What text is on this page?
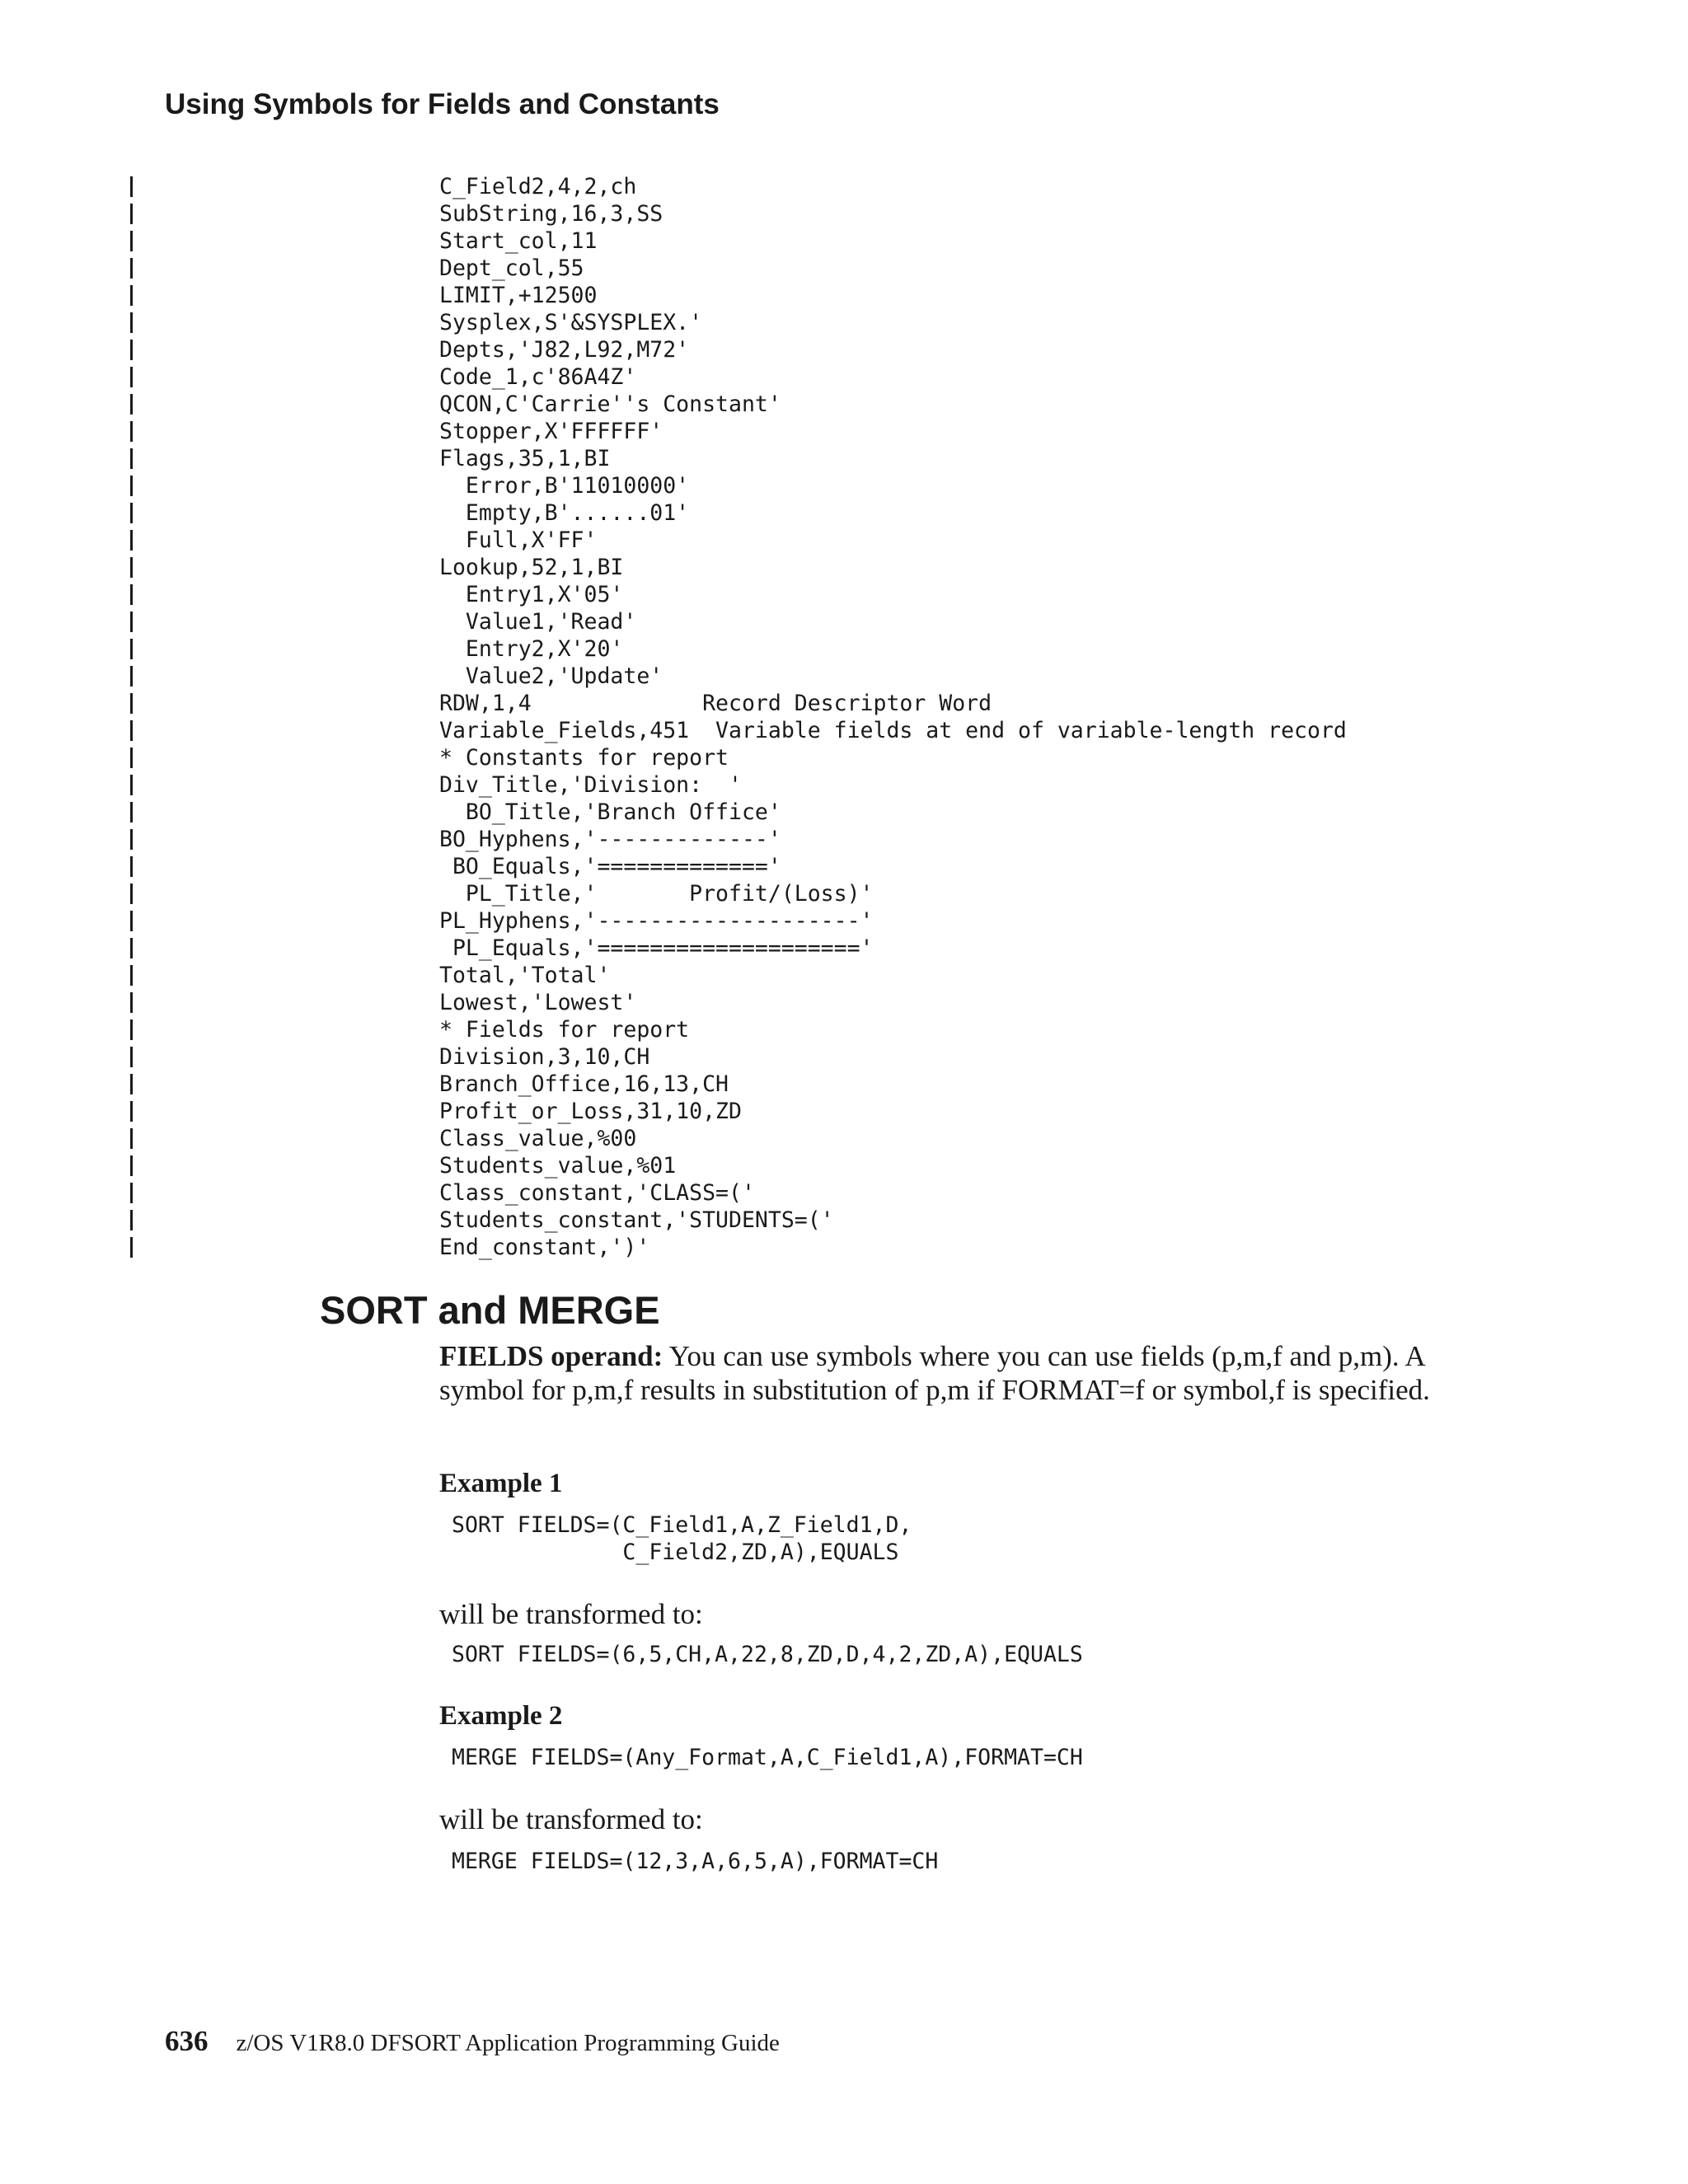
Using Symbols for Fields and Constants
C_Field2,4,2,ch
SubString,16,3,SS
Start_col,11
Dept_col,55
LIMIT,+12500
Sysplex,S'&SYSPLEX.'
Depts,'J82,L92,M72'
Code_1,c'86A4Z'
QCON,C'Carrie''s Constant'
Stopper,X'FFFFFF'
Flags,35,1,BI
Error,B'11010000'
Empty,B'......01'
Full,X'FF'
Lookup,52,1,BI
Entry1,X'05'
Value1,'Read'
Entry2,X'20'
Value2,'Update'
RDW,1,4             Record Descriptor Word
Variable_Fields,451  Variable fields at end of variable-length record
* Constants for report
Div_Title,'Division:  '
BO_Title,'Branch Office'
BO_Hyphens,'-------------'
BO_Equals,'============='
PL_Title,'       Profit/(Loss)'
PL_Hyphens,'--------------------'
PL_Equals,'===================='
Total,'Total'
Lowest,'Lowest'
* Fields for report
Division,3,10,CH
Branch_Office,16,13,CH
Profit_or_Loss,31,10,ZD
Class_value,%00
Students_value,%01
Class_constant,'CLASS=('
Students_constant,'STUDENTS=('
End_constant,')'
SORT and MERGE

FIELDS operand: You can use symbols where you can use fields (p,m,f and p,m). A symbol for p,m,f results in substitution of p,m if FORMAT=f or symbol,f is specified.

Example 1
SORT FIELDS=(C_Field1,A,Z_Field1,D,
C_Field2,ZD,A),EQUALS

will be transformed to:

SORT FIELDS=(6,5,CH,A,22,8,ZD,D,4,2,ZD,A),EQUALS
Example 2
MERGE FIELDS=(Any_Format,A,C_Field1,A),FORMAT=CH

will be transformed to:

MERGE FIELDS=(12,3,A,6,5,A),FORMAT=CH
636 z/OS V1R8.0 DFSORT Application Programming Guide
